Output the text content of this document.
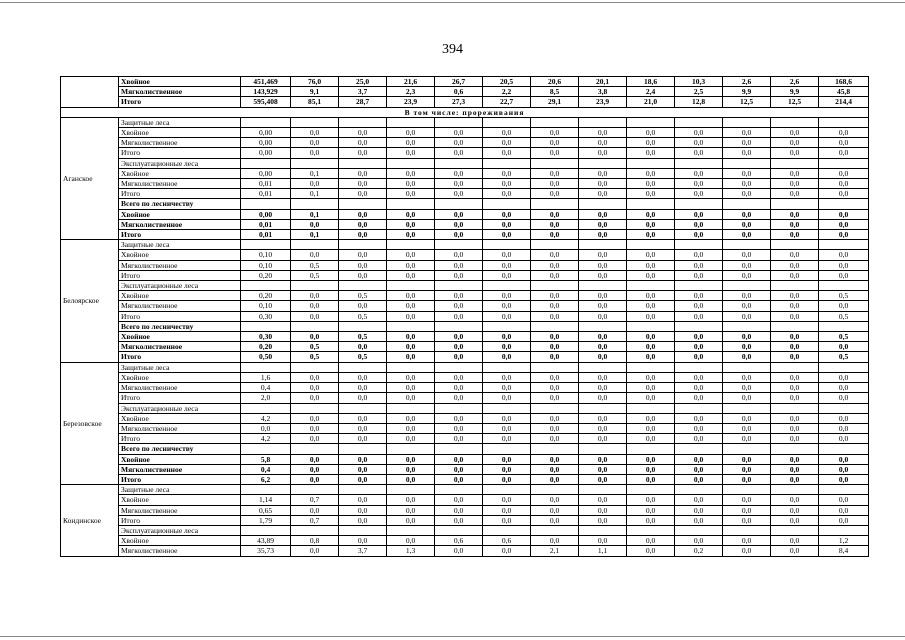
394
	Хвойное	451,469	76,0	25,0	21,6	26,7	20,5	20,6	20,1	18,6	10,3	2,6	2,6	168,6
	Мягколиственное	143,929	9,1	3,7	2,3	0,6	2,2	8,5	3,8	2,4	2,5	9,9	9,9	45,8
	Итого	595,408	85,1	28,7	23,9	27,3	22,7	29,1	23,9	21,0	12,8	12,5	12,5	214,4
В том числе: прореживания														
Аганское	Защитные леса													
	Хвойное	0,00	0,0	0,0	0,0	0,0	0,0	0,0	0,0	0,0	0,0	0,0	0,0	0,0
	Мягколиственное	0,00	0,0	0,0	0,0	0,0	0,0	0,0	0,0	0,0	0,0	0,0	0,0	0,0
	Итого	0,00	0,0	0,0	0,0	0,0	0,0	0,0	0,0	0,0	0,0	0,0	0,0	0,0
	Эксплуатационные леса													
	Хвойное	0,00	0,1	0,0	0,0	0,0	0,0	0,0	0,0	0,0	0,0	0,0	0,0	0,0
	Мягколиственное	0,01	0,0	0,0	0,0	0,0	0,0	0,0	0,0	0,0	0,0	0,0	0,0	0,0
	Итого	0,01	0,1	0,0	0,0	0,0	0,0	0,0	0,0	0,0	0,0	0,0	0,0	0,0
	Всего по лесничеству													
	Хвойное	0,00	0,1	0,0	0,0	0,0	0,0	0,0	0,0	0,0	0,0	0,0	0,0	0,0
	Мягколиственное	0,01	0,0	0,0	0,0	0,0	0,0	0,0	0,0	0,0	0,0	0,0	0,0	0,0
	Итого	0,01	0,1	0,0	0,0	0,0	0,0	0,0	0,0	0,0	0,0	0,0	0,0	0,0
Белоярское	Защитные леса													
	Хвойное	0,10	0,0	0,0	0,0	0,0	0,0	0,0	0,0	0,0	0,0	0,0	0,0	0,0
	Мягколиственное	0,10	0,5	0,0	0,0	0,0	0,0	0,0	0,0	0,0	0,0	0,0	0,0	0,0
	Итого	0,20	0,5	0,0	0,0	0,0	0,0	0,0	0,0	0,0	0,0	0,0	0,0	0,0
	Эксплуатационные леса													
	Хвойное	0,20	0,0	0,5	0,0	0,0	0,0	0,0	0,0	0,0	0,0	0,0	0,0	0,5
	Мягколиственное	0,10	0,0	0,0	0,0	0,0	0,0	0,0	0,0	0,0	0,0	0,0	0,0	0,0
	Итого	0,30	0,0	0,5	0,0	0,0	0,0	0,0	0,0	0,0	0,0	0,0	0,0	0,5
	Всего по лесничеству													
	Хвойное	0,30	0,0	0,5	0,0	0,0	0,0	0,0	0,0	0,0	0,0	0,0	0,0	0,5
	Мягколиственное	0,20	0,5	0,0	0,0	0,0	0,0	0,0	0,0	0,0	0,0	0,0	0,0	0,0
	Итого	0,50	0,5	0,5	0,0	0,0	0,0	0,0	0,0	0,0	0,0	0,0	0,0	0,5
Березовское	Защитные леса													
	Хвойное	1,6	0,0	0,0	0,0	0,0	0,0	0,0	0,0	0,0	0,0	0,0	0,0	0,0
	Мягколиственное	0,4	0,0	0,0	0,0	0,0	0,0	0,0	0,0	0,0	0,0	0,0	0,0	0,0
	Итого	2,0	0,0	0,0	0,0	0,0	0,0	0,0	0,0	0,0	0,0	0,0	0,0	0,0
	Эксплуатационные леса													
	Хвойное	4,2	0,0	0,0	0,0	0,0	0,0	0,0	0,0	0,0	0,0	0,0	0,0	0,0
	Мягколиственное	0,0	0,0	0,0	0,0	0,0	0,0	0,0	0,0	0,0	0,0	0,0	0,0	0,0
	Итого	4,2	0,0	0,0	0,0	0,0	0,0	0,0	0,0	0,0	0,0	0,0	0,0	0,0
	Всего по лесничеству													
	Хвойное	5,8	0,0	0,0	0,0	0,0	0,0	0,0	0,0	0,0	0,0	0,0	0,0	0,0
	Мягколиственное	0,4	0,0	0,0	0,0	0,0	0,0	0,0	0,0	0,0	0,0	0,0	0,0	0,0
	Итого	6,2	0,0	0,0	0,0	0,0	0,0	0,0	0,0	0,0	0,0	0,0	0,0	0,0
Кондинское	Защитные леса													
	Хвойное	1,14	0,7	0,0	0,0	0,0	0,0	0,0	0,0	0,0	0,0	0,0	0,0	0,0
	Мягколиственное	0,65	0,0	0,0	0,0	0,0	0,0	0,0	0,0	0,0	0,0	0,0	0,0	0,0
	Итого	1,79	0,7	0,0	0,0	0,0	0,0	0,0	0,0	0,0	0,0	0,0	0,0	0,0
	Эксплуатационные леса													
	Хвойное	43,89	0,8	0,0	0,0	0,6	0,6	0,0	0,0	0,0	0,0	0,0	0,0	1,2
	Мягколиственное	35,73	0,0	3,7	1,3	0,0	0,0	2,1	1,1	0,0	0,2	0,0	0,0	8,4
